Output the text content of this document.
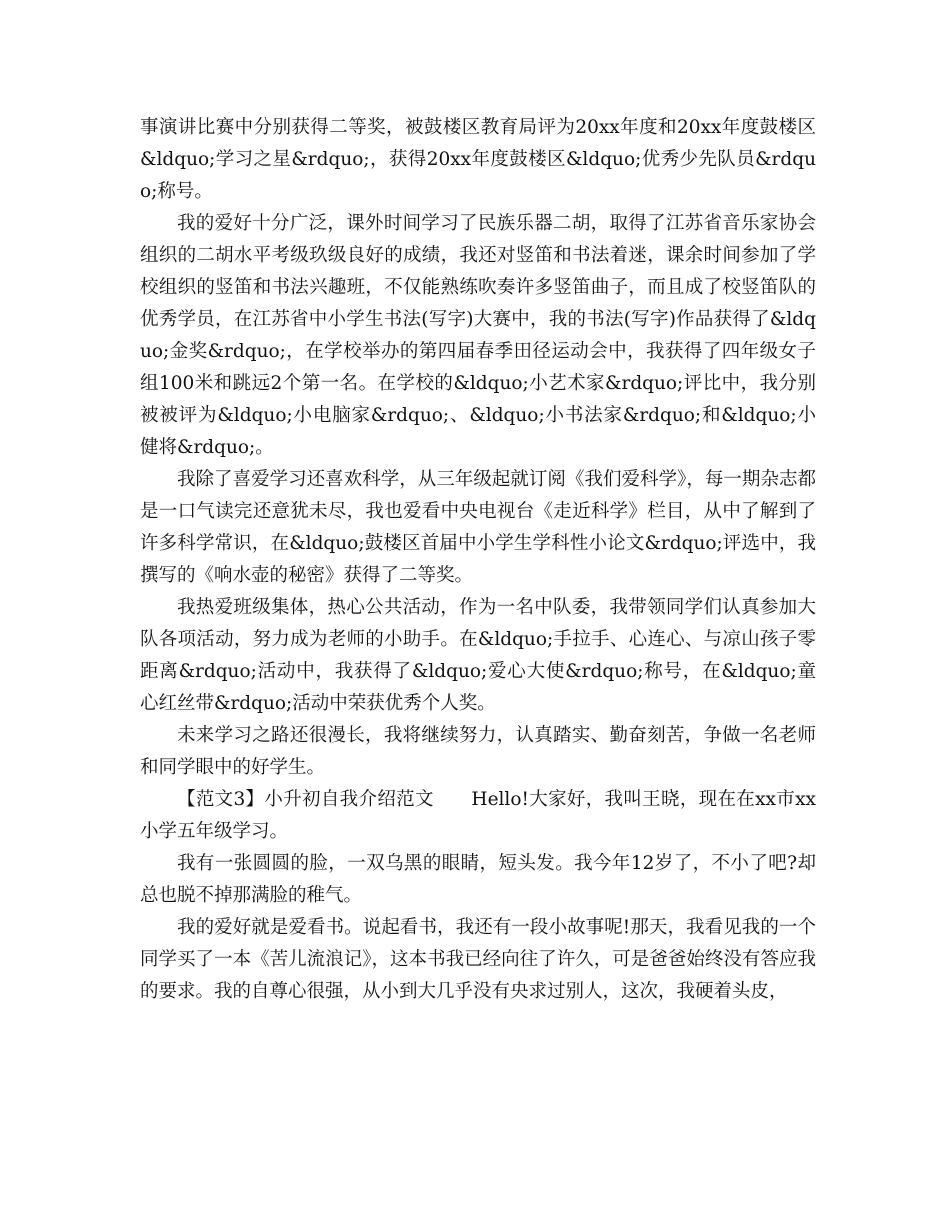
事演讲比赛中分别获得二等奖，被鼓楼区教育局评为20xx年度和20xx年度鼓楼区&ldquo;学习之星&rdquo;，获得20xx年度鼓楼区&ldquo;优秀少先队员&rdquo;称号。

我的爱好十分广泛，课外时间学习了民族乐器二胡，取得了江苏省音乐家协会组织的二胡水平考级玖级良好的成绩，我还对竖笛和书法着迷，课余时间参加了学校组织的竖笛和书法兴趣班，不仅能熟练吹奏许多竖笛曲子，而且成了校竖笛队的优秀学员，在江苏省中小学生书法(写字)大赛中，我的书法(写字)作品获得了&ldquo;金奖&rdquo;，在学校举办的第四届春季田径运动会中，我获得了四年级女子组100米和跳远2个第一名。在学校的&ldquo;小艺术家&rdquo;评比中，我分别被被评为&ldquo;小电脑家&rdquo;、&ldquo;小书法家&rdquo;和&ldquo;小健将&rdquo;。

我除了喜爱学习还喜欢科学，从三年级起就订阅《我们爱科学》，每一期杂志都是一口气读完还意犹未尽，我也爱看中央电视台《走近科学》栏目，从中了解到了许多科学常识，在&ldquo;鼓楼区首届中小学生学科性小论文&rdquo;评选中，我撰写的《响水壶的秘密》获得了二等奖。

我热爱班级集体，热心公共活动，作为一名中队委，我带领同学们认真参加大队各项活动，努力成为老师的小助手。在&ldquo;手拉手、心连心、与凉山孩子零距离&rdquo;活动中，我获得了&ldquo;爱心大使&rdquo;称号，在&ldquo;童心红丝带&rdquo;活动中荣获优秀个人奖。

未来学习之路还很漫长，我将继续努力，认真踏实、勤奋刻苦，争做一名老师和同学眼中的好学生。

【范文3】小升初自我介绍范文　　Hello!大家好，我叫王晓，现在在xx市xx小学五年级学习。

我有一张圆圆的脸，一双乌黑的眼睛，短头发。我今年12岁了，不小了吧?却总也脱不掉那满脸的稚气。

我的爱好就是爱看书。说起看书，我还有一段小故事呢!那天，我看见我的一个同学买了一本《苦儿流浪记》，这本书我已经向往了许久，可是爸爸始终没有答应我的要求。我的自尊心很强，从小到大几乎没有央求过别人，这次，我硬着头皮，
